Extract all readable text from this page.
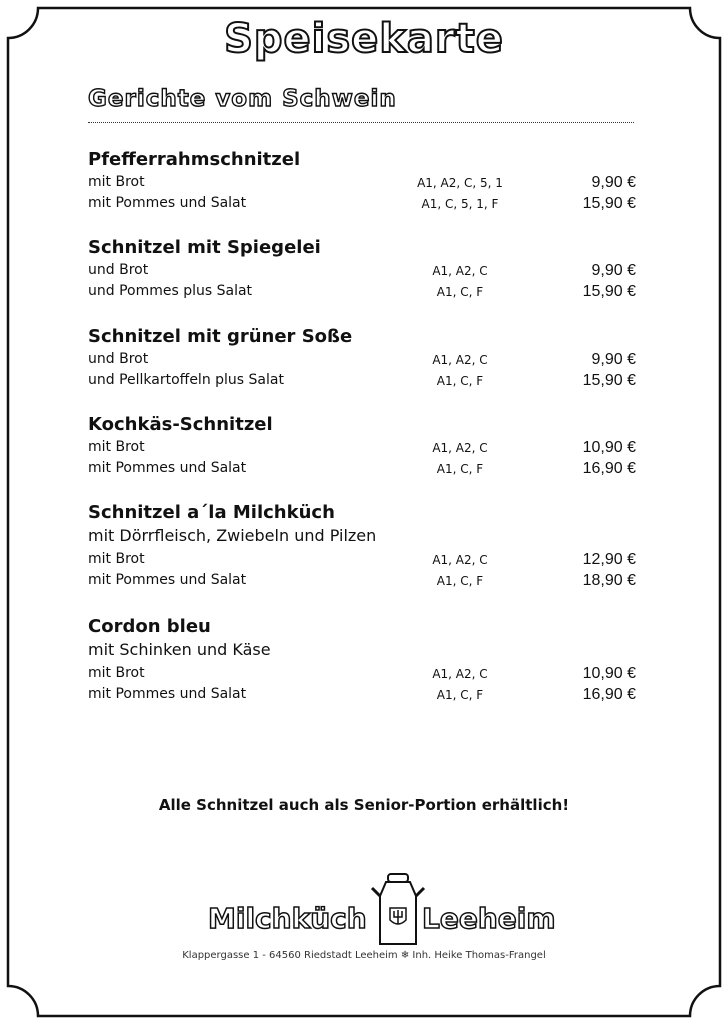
Speisekarte
Gerichte vom Schwein
Pfefferrahmschnitzel
mit Brot	A1, A2, C, 5, 1	9,90 €
mit Pommes und Salat	A1, C, 5, 1, F	15,90 €
Schnitzel mit Spiegelei
und Brot	A1, A2, C	9,90 €
und Pommes plus Salat	A1, C, F	15,90 €
Schnitzel mit grüner Soße
und Brot	A1, A2, C	9,90 €
und Pellkartoffeln plus Salat	A1, C, F	15,90 €
Kochkäs-Schnitzel
mit Brot	A1, A2, C	10,90 €
mit Pommes und Salat	A1, C, F	16,90 €
Schnitzel a´la Milchküch
mit Dörrfleisch, Zwiebeln und Pilzen
mit Brot	A1, A2, C	12,90 €
mit Pommes und Salat	A1, C, F	18,90 €
Cordon bleu
mit Schinken und Käse
mit Brot	A1, A2, C	10,90 €
mit Pommes und Salat	A1, C, F	16,90 €
Alle Schnitzel auch als Senior-Portion erhältlich!
Milchküch Leeheim
Klappergasse 1 - 64560 Riedstadt Leeheim ❄ Inh. Heike Thomas-Frangel
